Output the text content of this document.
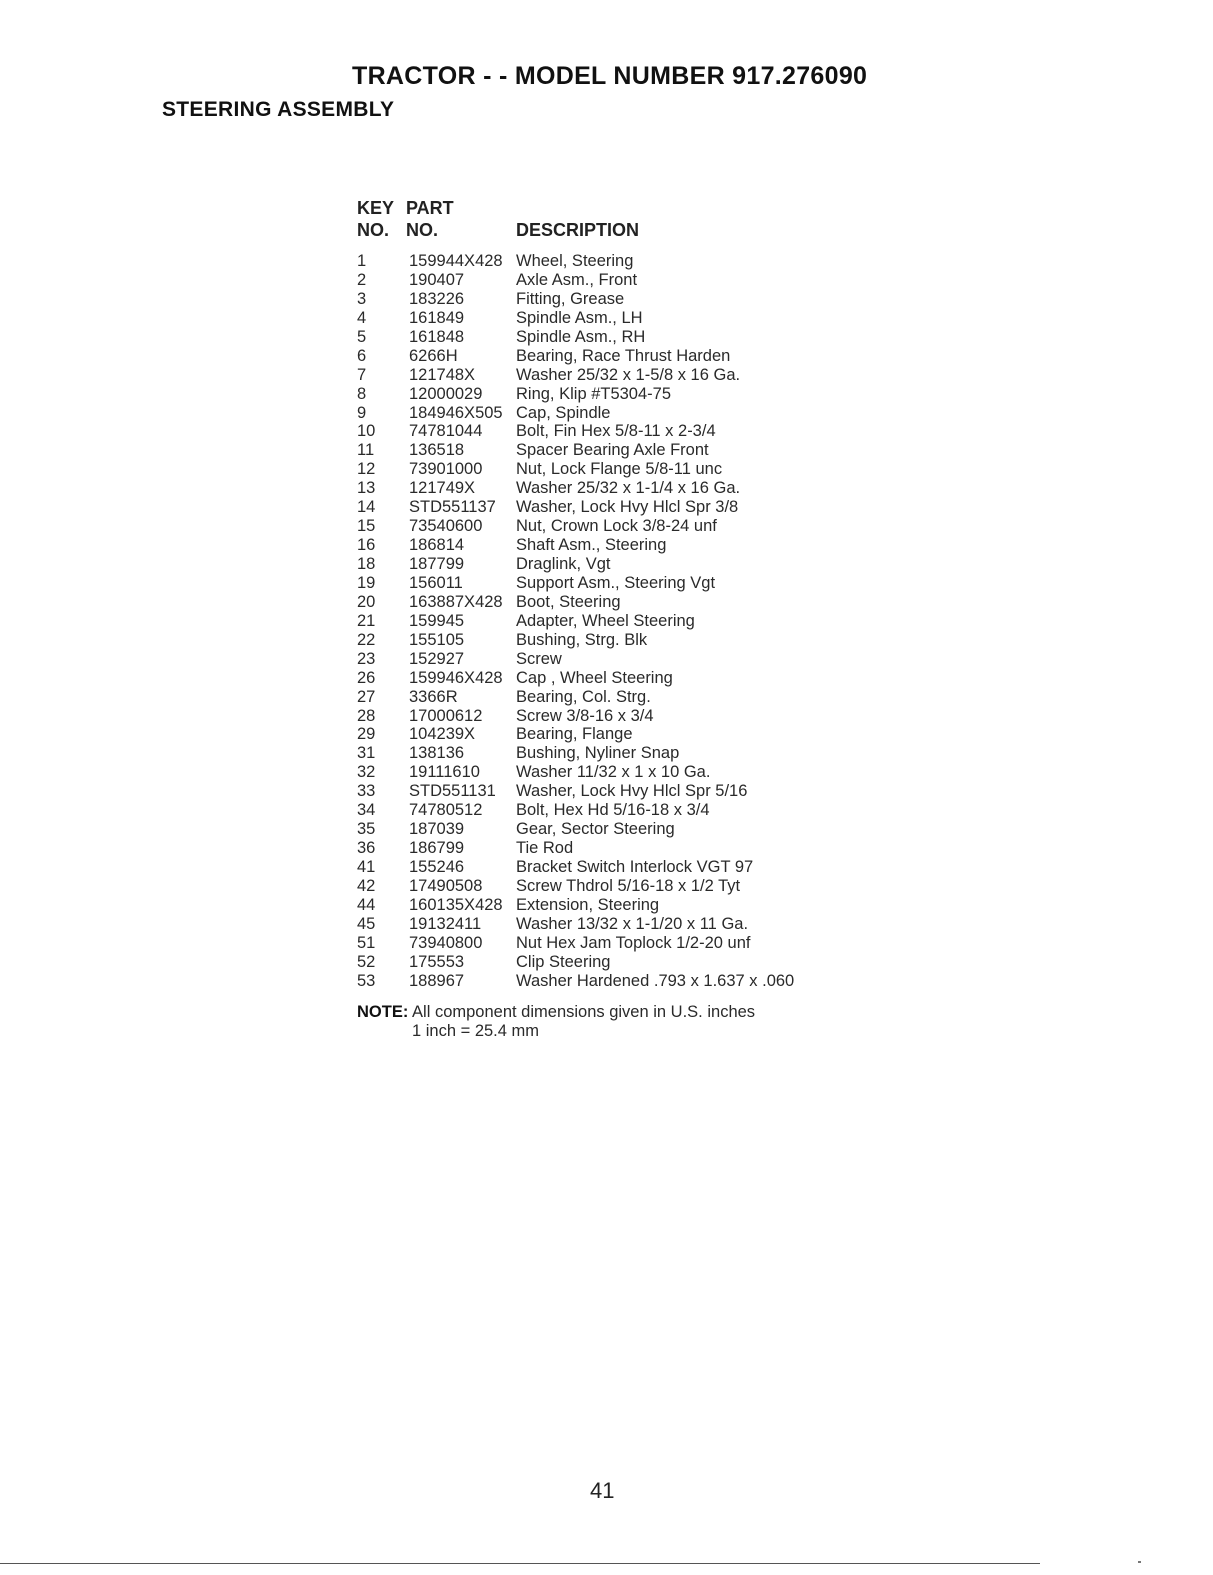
TRACTOR - - MODEL NUMBER 917.276090
STEERING ASSEMBLY
KEY PART
NO. NO.	DESCRIPTION
1	159944X428 Wheel, Steering
2	190407	Axle Asm., Front
3	183226	Fitting, Grease
4	161849	Spindle Asm., LH
5	161848	Spindle Asm., RH
6	6266H	Bearing, Race Thrust Harden
7	121748X Washer 25/32 x 1-5/8 x 16 Ga.
8	12000029 Ring, Klip #T5304-75
9	184946X505 Cap, Spindle
10 74781044 Bolt, Fin Hex 5/8-11 x 2-3/4
11 136518	Spacer Bearing Axle Front
12 73901000 Nut, Lock Flange 5/8-11 unc
13 121749X Washer 25/32 x 1-1/4 x 16 Ga.
14 STD551137 Washer, Lock Hvy Hlcl Spr 3/8
15 73540600 Nut, Crown Lock 3/8-24 unf
16 186814	Shaft Asm., Steering
18 187799	Draglink, Vgt
19 156011	Support Asm., Steering Vgt
20 163887X428 Boot, Steering
21 159945	Adapter, Wheel Steering
22 155105	Bushing, Strg. Blk
23 152927	Screw
26 159946X428 Cap , Wheel Steering
27 3366R	Bearing, Col. Strg.
28 17000612 Screw 3/8-16 x 3/4
29 104239X Bearing, Flange
31 138136	Bushing, Nyliner Snap
32 19111610 Washer 11/32 x 1 x 10 Ga.
33 STD551131 Washer, Lock Hvy Hlcl Spr 5/16
34 74780512 Bolt, Hex Hd 5/16-18 x 3/4
35 187039	Gear, Sector Steering
36 186799	Tie Rod
41 155246	Bracket Switch Interlock VGT 97
42 17490508 Screw Thdrol 5/16-18 x 1/2 Tyt
44 160135X428 Extension, Steering
45 19132411 Washer 13/32 x 1-1/20 x 11 Ga.
51 73940800 Nut Hex Jam Toplock 1/2-20 unf
52 175553	Clip Steering
53 188967	Washer Hardened .793 x 1.637 x .060
NOTE: All component dimensions given in U.S. inches
1 inch = 25.4 mm
41
